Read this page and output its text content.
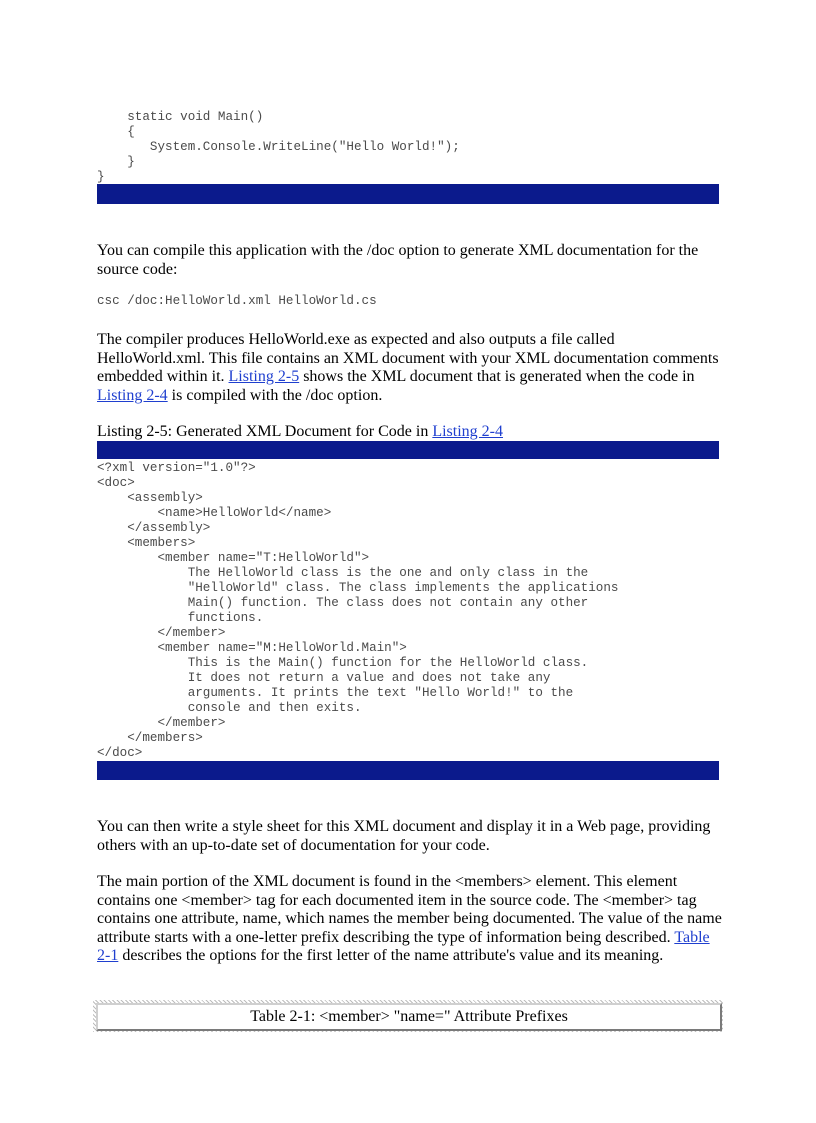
static void Main()
{
System.Console.WriteLine("Hello World!");
}
}

You can compile this application with the /doc option to generate XML documentation for the source code:

csc /doc:HelloWorld.xml HelloWorld.cs

The compiler produces HelloWorld.exe as expected and also outputs a file called HelloWorld.xml. This file contains an XML document with your XML documentation comments embedded within it. Listing 2-5 shows the XML document that is generated when the code in Listing 2-4 is compiled with the /doc option.

Listing 2-5: Generated XML Document for Code in Listing 2-4

<?xml version="1.0"?>
<doc>
<assembly>
<name>HelloWorld</name>
</assembly>
<members>
<member name="T:HelloWorld">
The HelloWorld class is the one and only class in the
"HelloWorld" class. The class implements the applications
Main() function. The class does not contain any other
functions.
</member>
<member name="M:HelloWorld.Main">
This is the Main() function for the HelloWorld class.
It does not return a value and does not take any
arguments. It prints the text "Hello World!" to the
console and then exits.
</member>
</members>
</doc>

You can then write a style sheet for this XML document and display it in a Web page, providing others with an up-to-date set of documentation for your code.

The main portion of the XML document is found in the <members> element. This element contains one <member> tag for each documented item in the source code. The <member> tag contains one attribute, name, which names the member being documented. The value of the name attribute starts with a one-letter prefix describing the type of information being described. Table 2-1 describes the options for the first letter of the name attribute's value and its meaning.

Table 2-1: <member> "name=" Attribute Prefixes
